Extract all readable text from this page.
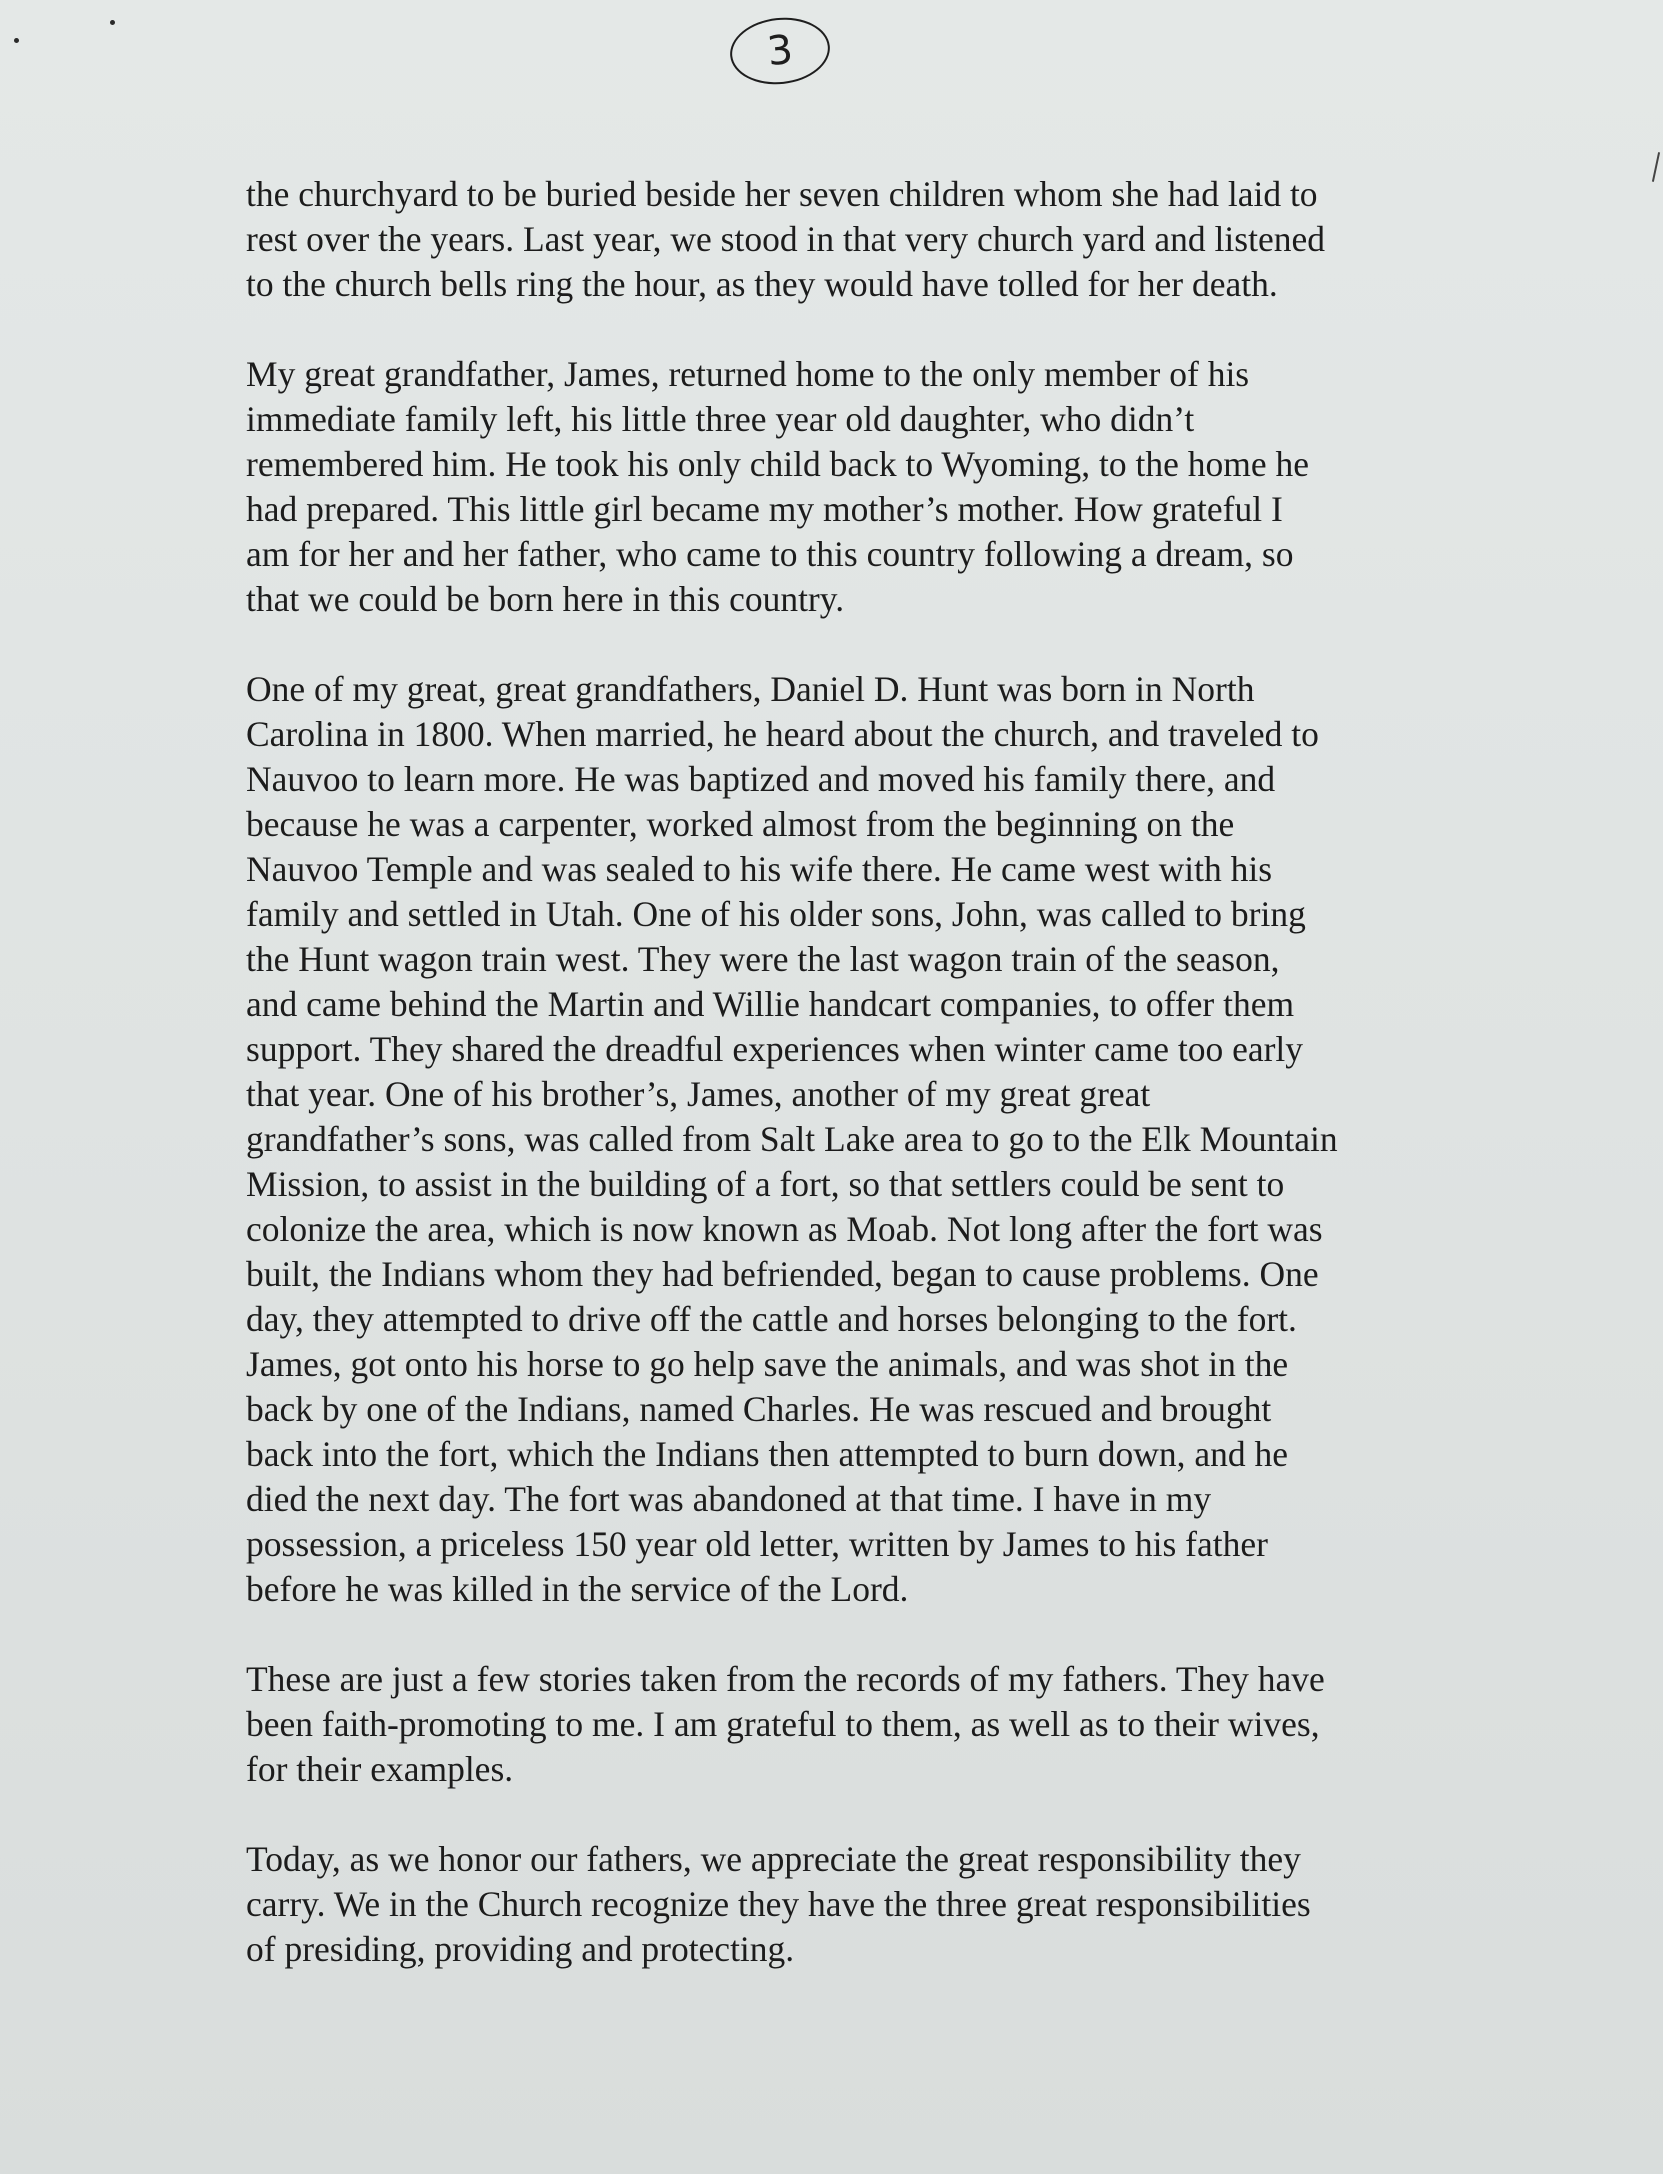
3

the churchyard to be buried beside her seven children whom she had laid to
rest over the years. Last year, we stood in that very church yard and listened
to the church bells ring the hour, as they would have tolled for her death.

My great grandfather, James, returned home to the only member of his
immediate family left, his little three year old daughter, who didn’t
remembered him. He took his only child back to Wyoming, to the home he
had prepared. This little girl became my mother’s mother. How grateful I
am for her and her father, who came to this country following a dream, so
that we could be born here in this country.

One of my great, great grandfathers, Daniel D. Hunt was born in North
Carolina in 1800. When married, he heard about the church, and traveled to
Nauvoo to learn more. He was baptized and moved his family there, and
because he was a carpenter, worked almost from the beginning on the
Nauvoo Temple and was sealed to his wife there. He came west with his
family and settled in Utah. One of his older sons, John, was called to bring
the Hunt wagon train west. They were the last wagon train of the season,
and came behind the Martin and Willie handcart companies, to offer them
support. They shared the dreadful experiences when winter came too early
that year. One of his brother’s, James, another of my great great
grandfather’s sons, was called from Salt Lake area to go to the Elk Mountain
Mission, to assist in the building of a fort, so that settlers could be sent to
colonize the area, which is now known as Moab. Not long after the fort was
built, the Indians whom they had befriended, began to cause problems. One
day, they attempted to drive off the cattle and horses belonging to the fort.
James, got onto his horse to go help save the animals, and was shot in the
back by one of the Indians, named Charles. He was rescued and brought
back into the fort, which the Indians then attempted to burn down, and he
died the next day. The fort was abandoned at that time. I have in my
possession, a priceless 150 year old letter, written by James to his father
before he was killed in the service of the Lord.

These are just a few stories taken from the records of my fathers. They have
been faith-promoting to me. I am grateful to them, as well as to their wives,
for their examples.

Today, as we honor our fathers, we appreciate the great responsibility they
carry. We in the Church recognize they have the three great responsibilities
of presiding, providing and protecting.
